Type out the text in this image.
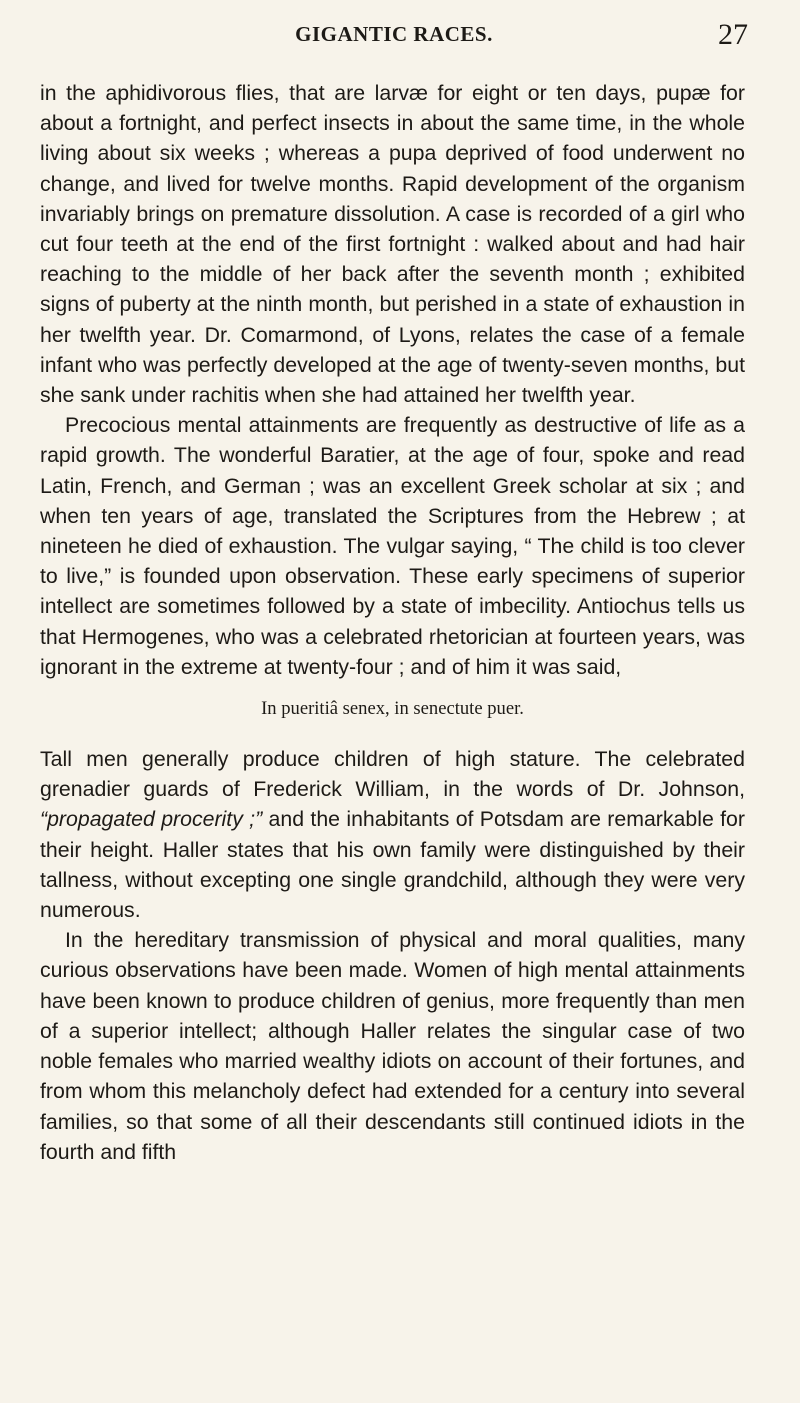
GIGANTIC RACES.	27

in the aphidivorous flies, that are larvæ for eight or ten days, pupæ for about a fortnight, and perfect insects in about the same time, in the whole living about six weeks ; whereas a pupa deprived of food underwent no change, and lived for twelve months. Rapid development of the organism invariably brings on premature dissolution. A case is recorded of a girl who cut four teeth at the end of the first fortnight : walked about and had hair reaching to the middle of her back after the seventh month ; exhibited signs of puberty at the ninth month, but perished in a state of exhaustion in her twelfth year. Dr. Comarmond, of Lyons, relates the case of a female infant who was perfectly developed at the age of twenty-seven months, but she sank under rachitis when she had attained her twelfth year.

Precocious mental attainments are frequently as destructive of life as a rapid growth. The wonderful Baratier, at the age of four, spoke and read Latin, French, and German ; was an excellent Greek scholar at six ; and when ten years of age, translated the Scriptures from the Hebrew ; at nineteen he died of exhaustion. The vulgar saying, “ The child is too clever to live,” is founded upon observation. These early specimens of superior intellect are sometimes followed by a state of imbecility. Antiochus tells us that Hermogenes, who was a celebrated rhetorician at fourteen years, was ignorant in the extreme at twenty-four ; and of him it was said,

In pueritiâ senex, in senectute puer.

Tall men generally produce children of high stature. The celebrated grenadier guards of Frederick William, in the words of Dr. Johnson, “propagated procerity ;” and the inhabitants of Potsdam are remarkable for their height. Haller states that his own family were distinguished by their tallness, without excepting one single grandchild, although they were very numerous.

In the hereditary transmission of physical and moral qualities, many curious observations have been made. Women of high mental attainments have been known to produce children of genius, more frequently than men of a superior intellect; although Haller relates the singular case of two noble females who married wealthy idiots on account of their fortunes, and from whom this melancholy defect had extended for a century into several families, so that some of all their descendants still continued idiots in the fourth and fifth
